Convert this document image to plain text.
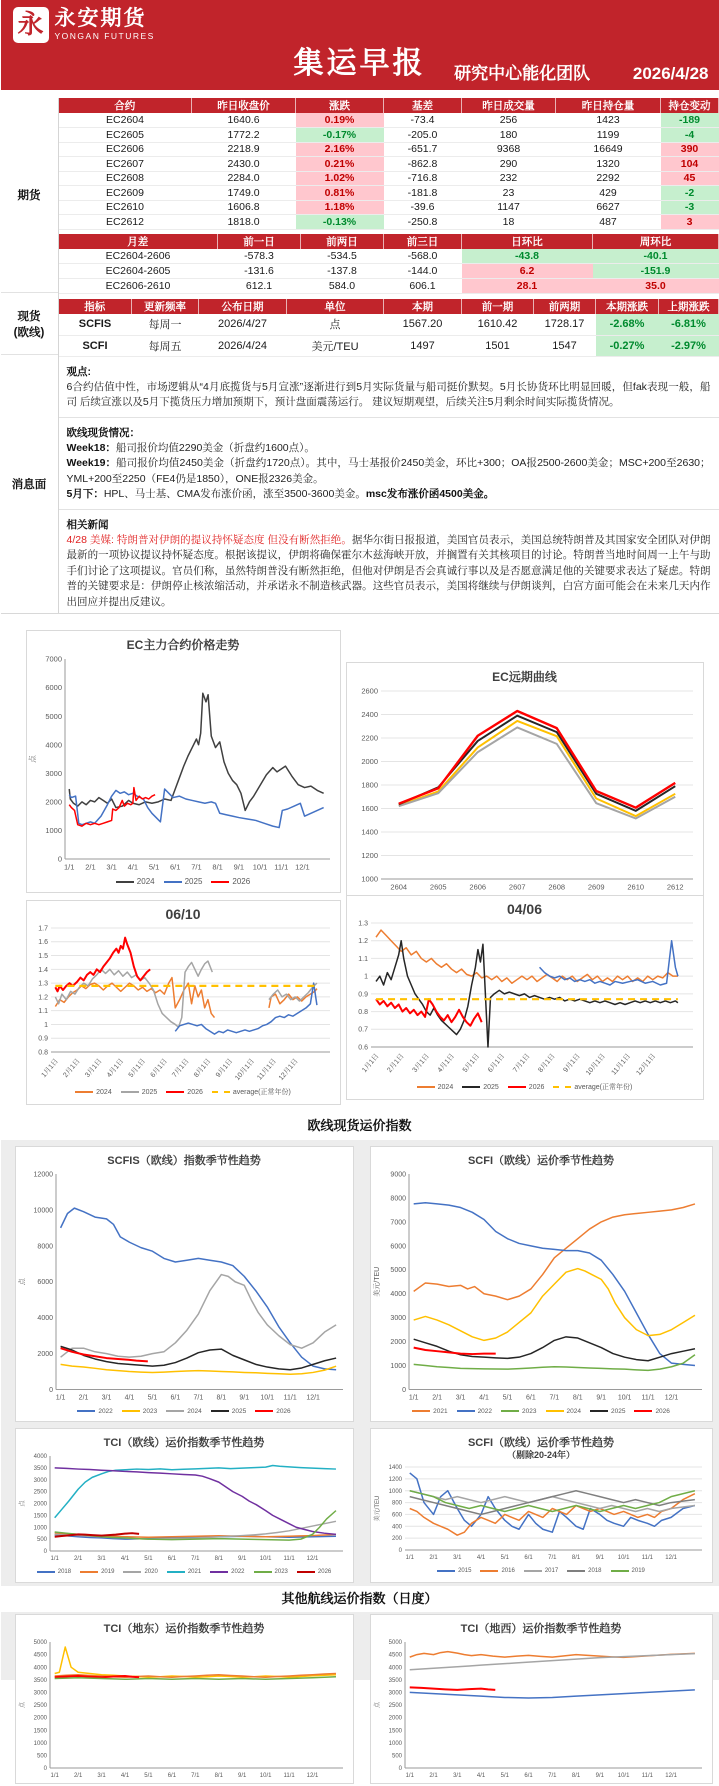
永 永安期货
YONGAN FUTURES
集运早报	研究中心能化团队	2026/4/28
期货
现货
(欧线)
消息面
合约	昨日收盘价	涨跌	基差	昨日成交量	昨日持仓量	持仓变动
EC2604	1640.6	0.19%	-73.4	256	1423	-189
EC2605	1772.2	-0.17%	-205.0	180	1199	-4
EC2606	2218.9	2.16%	-651.7	9368	16649	390
EC2607	2430.0	0.21%	-862.8	290	1320	104
EC2608	2284.0	1.02%	-716.8	232	2292	45
EC2609	1749.0	0.81%	-181.8	23	429	-2
EC2610	1606.8	1.18%	-39.6	1147	6627	-3
EC2612	1818.0	-0.13%	-250.8	18	487	3
月差	前一日	前两日	前三日	日环比	周环比
EC2604-2606	-578.3	-534.5	-568.0	-43.8	-40.1
EC2604-2605	-131.6	-137.8	-144.0	6.2	-151.9
EC2606-2610	612.1	584.0	606.1	28.1	35.0
指标	更新频率	公布日期	单位	本期	前一期	前两期	本期涨跌	上期涨跌
SCFIS	每周一	2026/4/27	点	1567.20	1610.42	1728.17	-2.68%	-6.81%
SCFI	每周五	2026/4/24	美元/TEU	1497	1501	1547	-0.27%	-2.97%
观点:
6合约估值中性，市场逻辑从“4月底揽货与5月宣涨”逐渐进行到5月实际货量与船司挺价默契。5月长协货环比明显回暖，但fak表现一般，船司 后续宣涨以及5月下揽货压力增加预期下，预计盘面震荡运行。 建议短期观望，后续关注5月剩余时间实际揽货情况。
欧线现货情况：
Week18：船司报价均值2290美金（折盘约1600点）。
Week19：船司报价均值2450美金（折盘约1720点）。其中，马士基报价2450美金，环比+300；OA报2500-2600美金；MSC+200至2630； YML+200至2250（FE4仍是1850），ONE报2326美金。
5月下：HPL、马士基、CMA发布涨价函，涨至3500-3600美金。msc发布涨价函4500美金。
相关新闻
4/28 美媒: 特朗普对伊朗的提议持怀疑态度 但没有断然拒绝。据华尔街日报报道，美国官员表示，美国总统特朗普及其国家安全团队对伊朗最新的一项协议提议持怀疑态度。根据该提议，伊朗将确保霍尔木兹海峡开放，并搁置有关其核项目的讨论。特朗普当地时间周一上午与助手们讨论了这项提议。官员们称，虽然特朗普没有断然拒绝，但他对伊朗是否会真诚行事以及是否愿意满足他的关键要求表达了疑虑。特朗普的关键要求是：伊朗停止核浓缩活动，并承诺永不制造核武器。这些官员表示，美国将继续与伊朗谈判，白宫方面可能会在未来几天内作出回应并提出反建议。
欧线现货运价指数
其他航线运价指数（日度）
EC主力合约价格走势
0
1000
2000
3000
4000
5000
6000
7000
1/1 2/1 3/1 4/1 5/1 6/1 7/1 8/1 9/1 10/1 11/1 12/1
点
2024	2025	2026
EC远期曲线
1000
1200
1400
1600
1800
2000
2200
2400
2600
2604	2605	2606	2607	2608	2609	2610	2612
06/10
0.8
0.9
1
1.1
1.2
1.3
1.4
1.5
1.6
1.7
1月1日 2月1日 3月1日 4月1日 5月1日 6月1日 7月1日 8月1日 9月1日 10月1日 11月1日 12月1日
2024	2025	2026	average(正常年份)
04/06
0.6
0.7
0.8
0.9
1
1.1
1.2
1.3
1月1日 2月1日 3月1日 4月1日 5月1日 6月1日 7月1日 8月1日 9月1日 10月1日 11月1日 12月1日
2024	2025	2026	average(正常年份)
SCFIS（欧线）指数季节性趋势
0
2000
4000
6000
8000
10000
12000
1/1 2/1 3/1 4/1 5/1 6/1 7/1 8/1 9/1 10/1 11/1 12/1
点
2022	2023	2024	2025	2026
SCFI（欧线）运价季节性趋势
0
1000
2000
3000
4000
5000
6000
7000
8000
9000
1/1 2/1 3/1 4/1 5/1 6/1 7/1 8/1 9/1 10/1 11/1 12/1
美元/TEU
2021	2022	2023	2024	2025	2026
TCI（欧线）运价指数季节性趋势
0
500
1000
1500
2000
2500
3000
3500
4000
1/1	2/1	3/1	4/1	5/1	6/1	7/1	8/1	9/1 10/1 11/1 12/1
点
2018	2019	2020	2021	2022	2023	2026
SCFI（欧线）运价季节性趋势
（剔除20-24年）
0
200
400
600
800
1000
1200
1400
1/1	2/1	3/1	4/1	5/1	6/1	7/1	8/1	9/1 10/1 11/1 12/1
美元/TEU
2015	2016	2017	2018	2019
TCI（地东）运价指数季节性趋势
0
500
1000
1500
2000
2500
3000
3500
4000
4500
5000
1/1	2/1	3/1	4/1	5/1	6/1	7/1	8/1	9/1 10/1 11/1 12/1
点
TCI（地西）运价指数季节性趋势
0
500
1000
1500
2000
2500
3000
3500
4000
4500
5000
1/1	2/1	3/1	4/1	5/1	6/1	7/1	8/1	9/1 10/1 11/1 12/1
点
